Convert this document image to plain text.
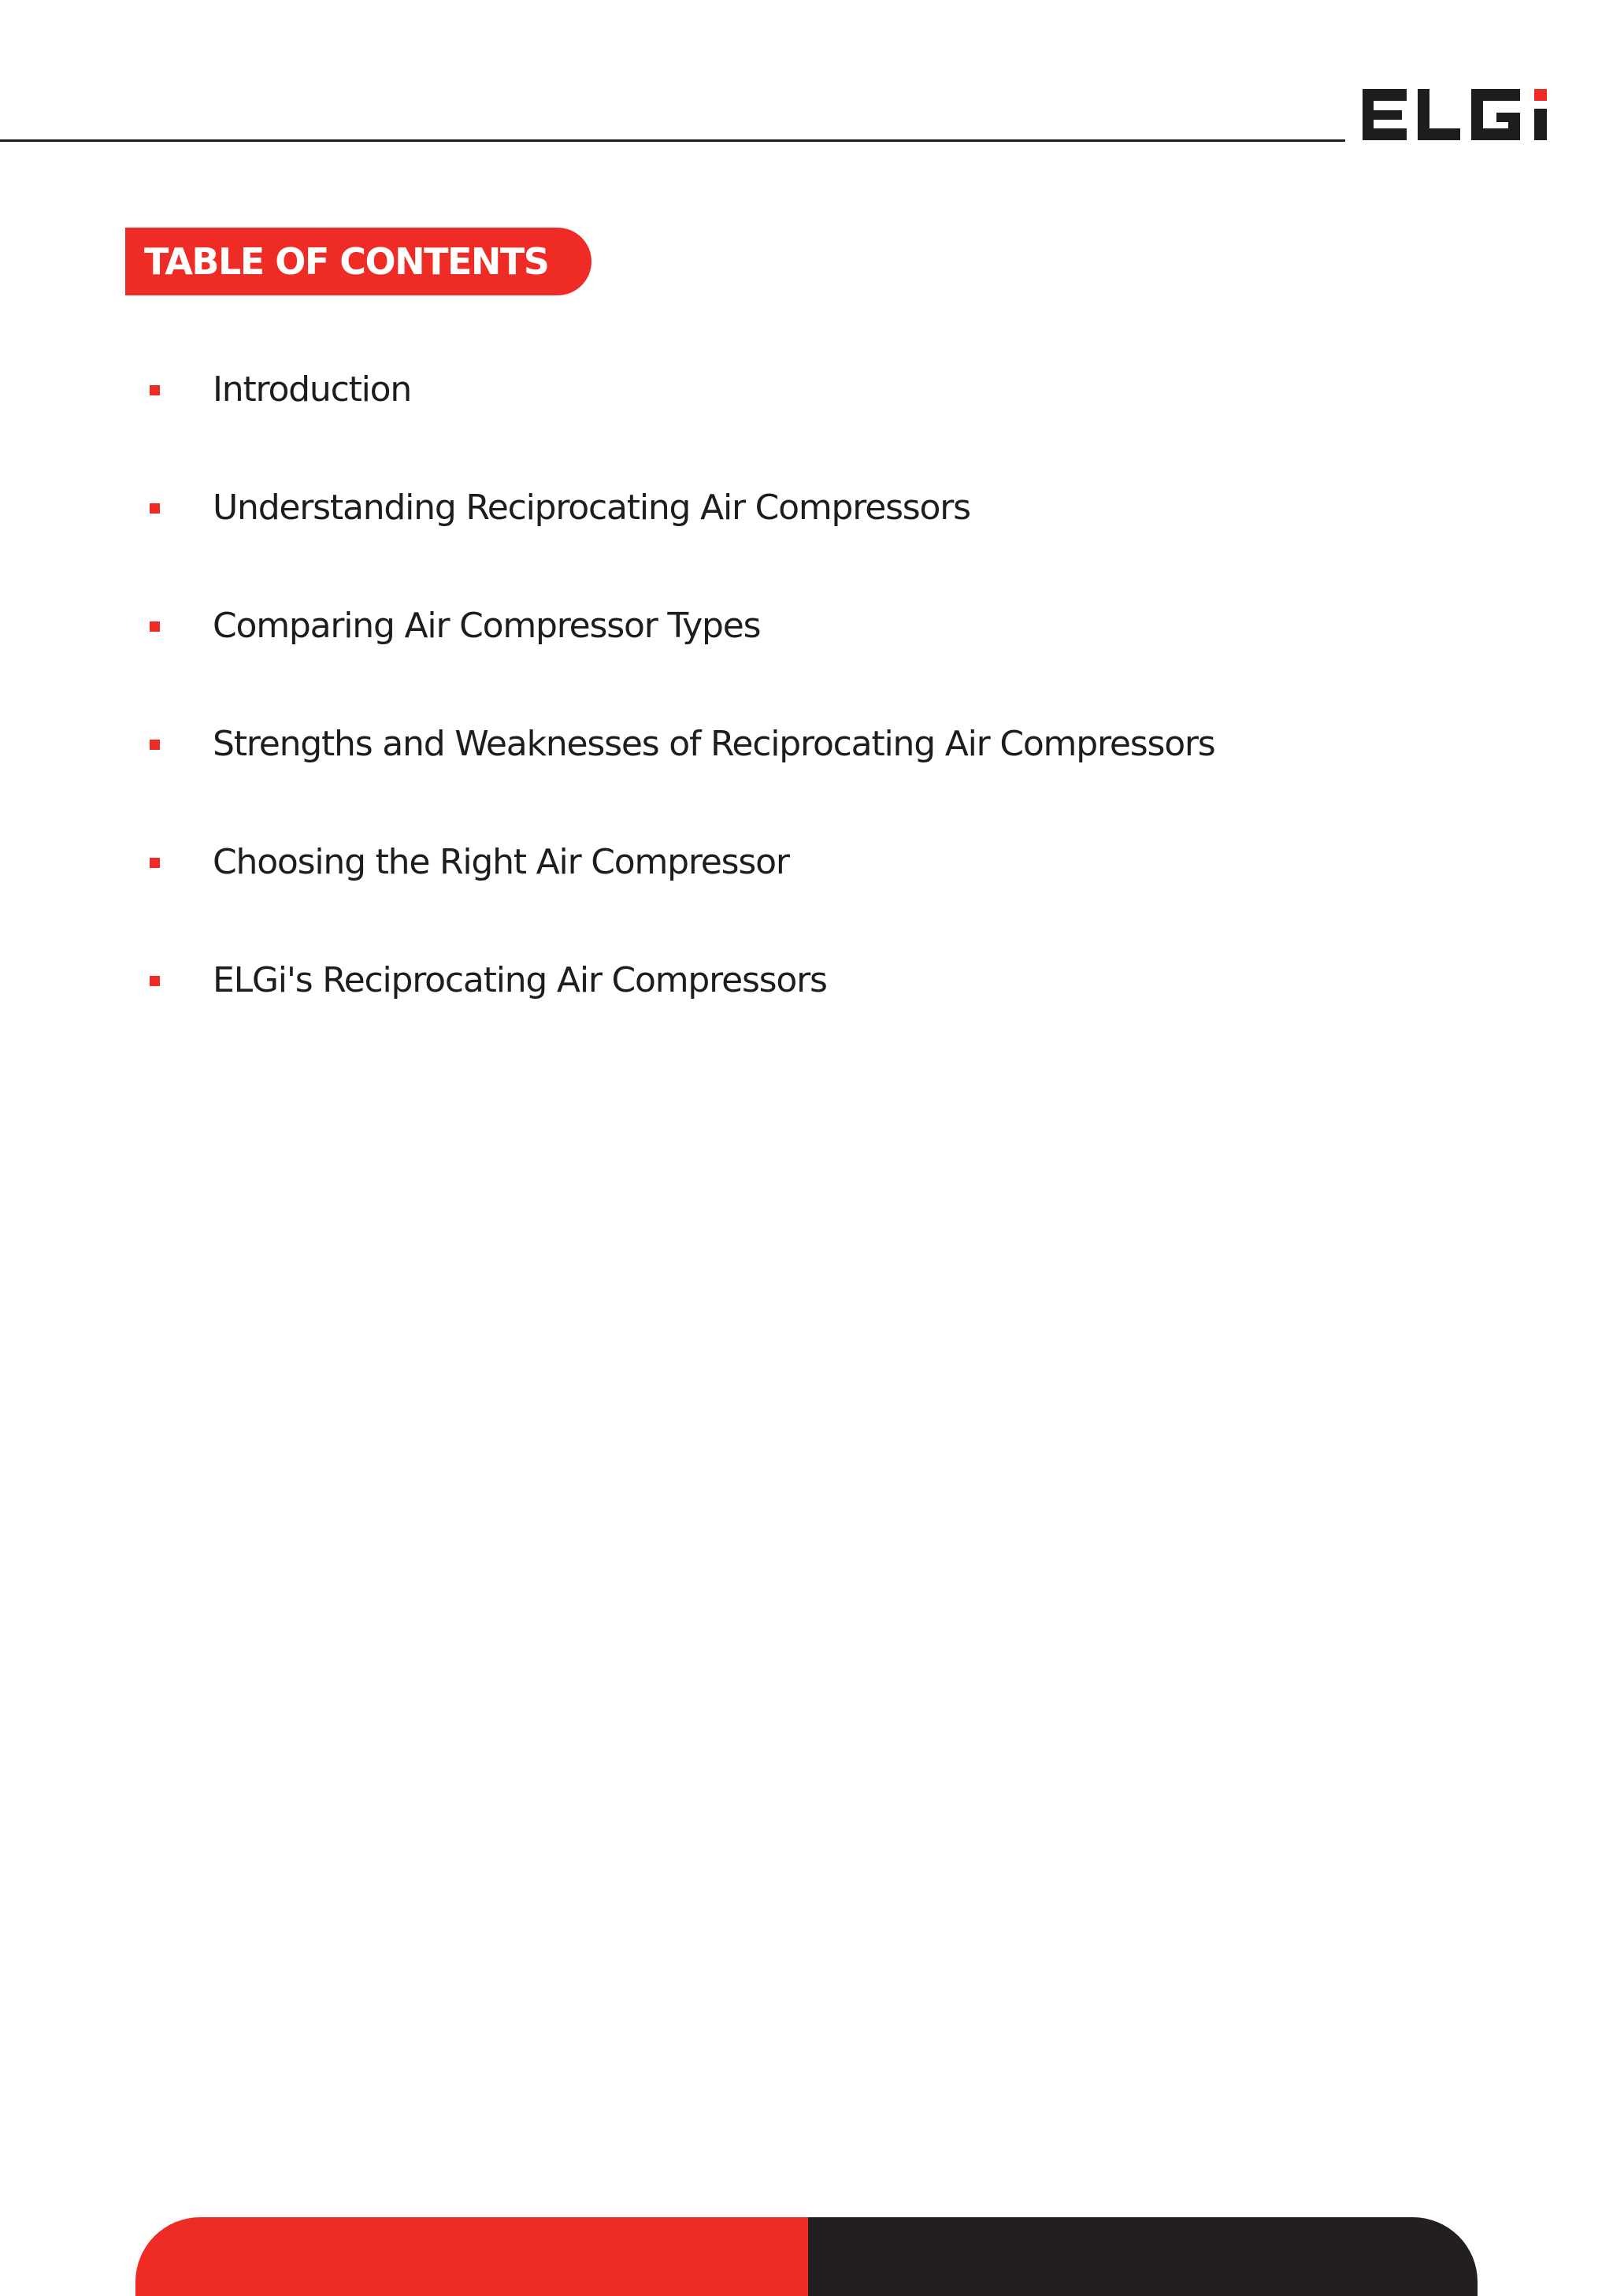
TABLE OF CONTENTS
Introduction
Understanding Reciprocating Air Compressors
Comparing Air Compressor Types
Strengths and Weaknesses of Reciprocating Air Compressors
Choosing the Right Air Compressor
ELGi's Reciprocating Air Compressors
